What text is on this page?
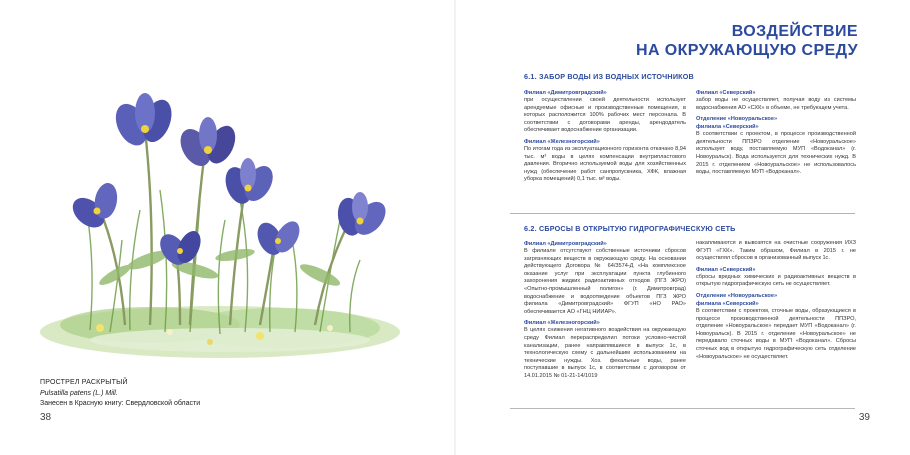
ПРОСТРЕЛ РАСКРЫТЫЙ
Pulsatilla patens (L.) Mill.
Занесен в Красную книгу: Свердловской области
38
ВОЗДЕЙСТВИЕ
НА ОКРУЖАЮЩУЮ СРЕДУ
6.1. ЗАБОР ВОДЫ ИЗ ВОДНЫХ ИСТОЧНИКОВ
Филиал «Димитровградский»

при осуществлении своей деятельности использует арендуемые офисные и производственные помещения, в которых расположится 100% рабочих мест персонала. В соответствии с договорами аренды, арендодатель обеспечивает водоснабжение организации.

Филиал «Железногорский»

По итогам года из эксплуатационного горизонта откачано 8,94 тыс. м³ воды в целях компенсации внутрипластового давления. Вторично используемой воды для хозяйственных нужд (обеспечение работ санпропускника, ХФК, влажная уборка помещений) 0,1 тыс. м³ воды.

Филиал «Северский»

забор воды не осуществляет, получая воду из системы водоснабжения АО «СХК» в объеме, не требующем учета.

Отделение «Новоуральское»
филиала «Северский»

В соответствии с проектом, в процессе производственной деятельности ППЗРО отделение «Новоуральское» использует воду, поставляемую МУП «Водоканал» (г. Новоуральск). Вода используется для технических нужд. В 2015 г. отделением «Новоуральское» не использовалось воды, поставляемую МУП «Водоканал».

6.2. СБРОСЫ В ОТКРЫТУЮ ГИДРОГРАФИЧЕСКУЮ СЕТЬ
Филиал «Димитровградский»

В филиале отсутствуют собственные источники сбросов загрязняющих веществ в окружающую среду. На основании действующего Договора № 64/3574-Д «На комплексное оказание услуг при эксплуатации пункта глубинного захоронения жидких радиоактивных отходов (ПГЗ ЖРО) «Опытно-промышленный полигон» (г. Димитровград) водоснабжение и водоотведение объектов ПГЗ ЖРО филиала «Димитровградский» ФГУП «НО РАО» обеспечивается АО «ГНЦ НИИАР».

Филиал «Железногорский»

В целях снижения негативного воздействия на окружающую среду Филиал перераспределил потоки условно-чистой канализации, ранее направлявшиеся в выпуск 1с, в технологическую схему с дальнейшим использованием на технические нужды. Хоз. фекальные воды, ранее поступавшие в выпуск 1с, в соответствии с договором от 14.01.2015 № 01-21-14/1019

накапливаются и вывозятся на очистные сооружения ИХЗ ФГУП «ГХК». Таким образом, Филиал в 2015 г. не осуществлял сбросов в организованный выпуск 1с.

Филиал «Северский»

сбросы вредных химических и радиоактивных веществ в открытую гидрографическую сеть не осуществляет.

Отделение «Новоуральское»
филиала «Северский»

В соответствии с проектом, сточные воды, образующиеся в процессе производственной деятельности ППЗРО, отделение «Новоуральское» передает МУП «Водоканал» (г. Новоуральск). В 2015 г. отделение «Новоуральское» не передавало сточных воды в МУП «Водоканал». Сбросы сточных вод в открытую гидрографическую сеть отделение «Новоуральское» не осуществляет.

39
